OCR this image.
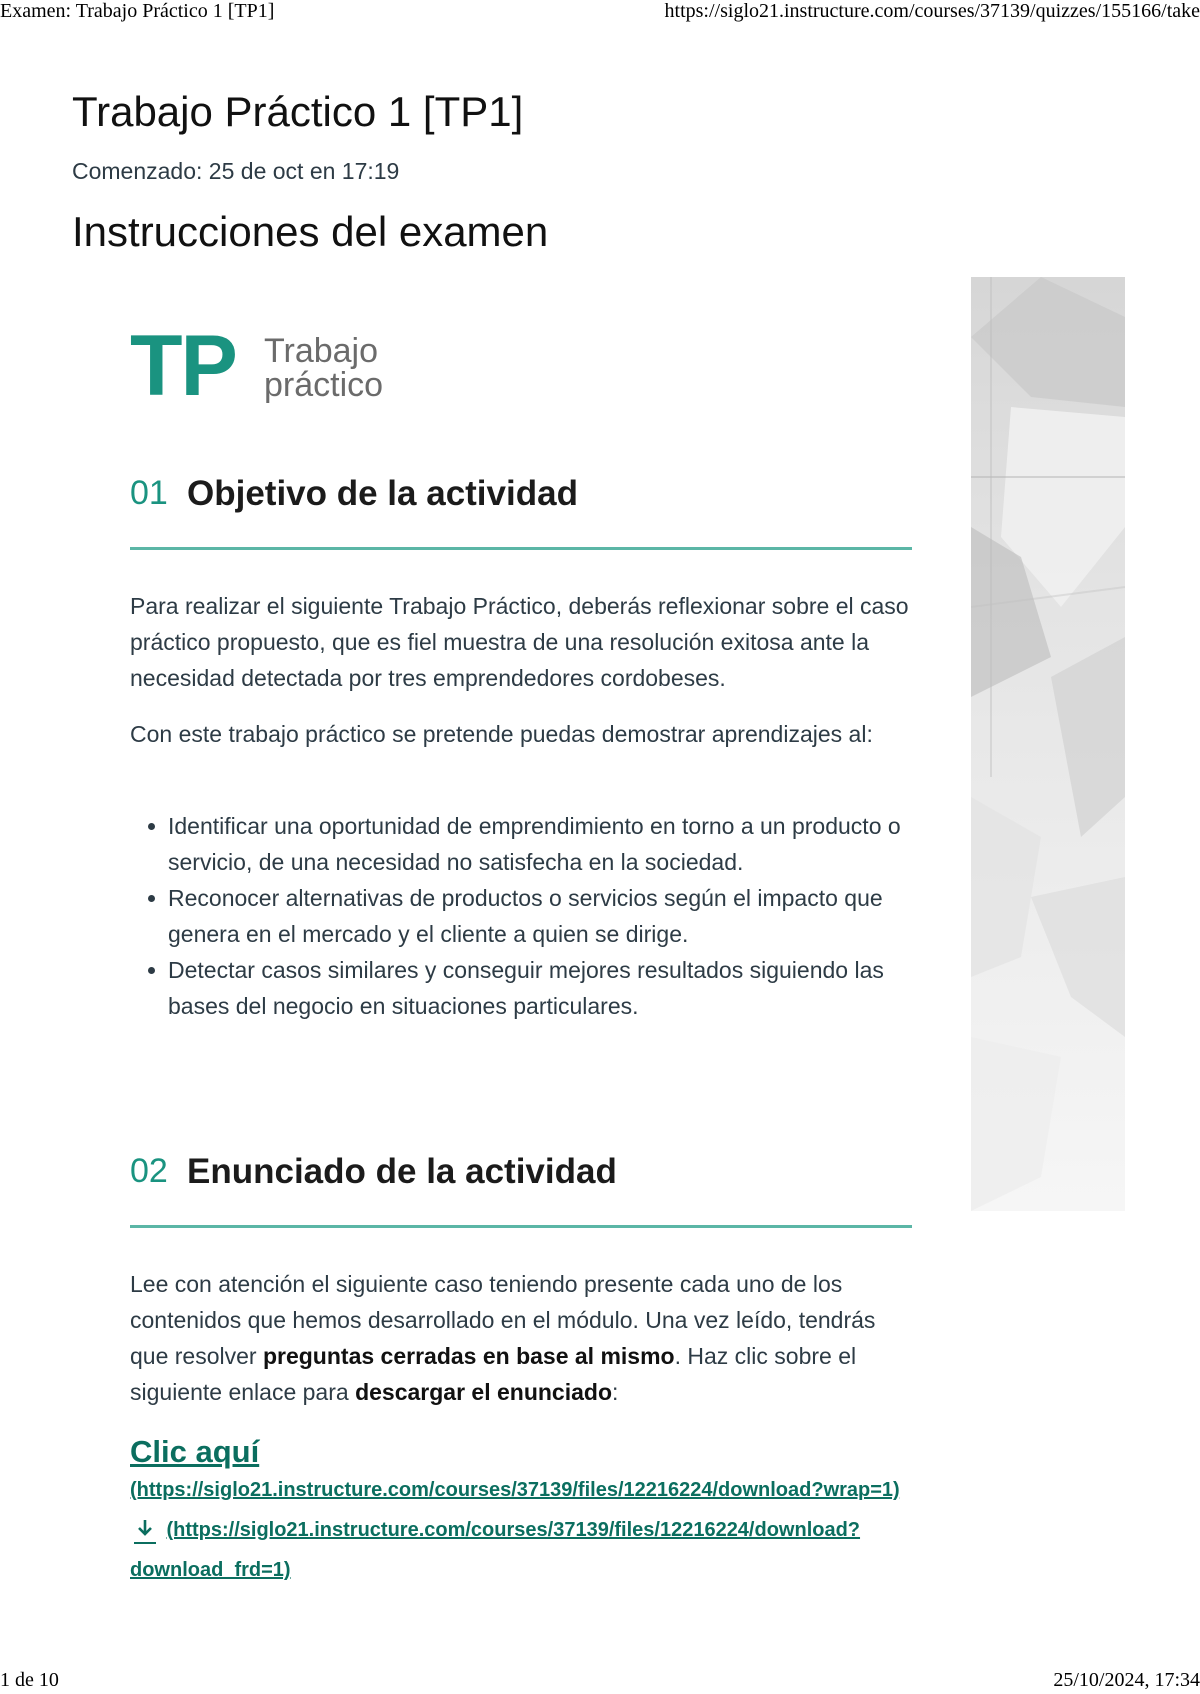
Examen: Trabajo Práctico 1 [TP1]	https://siglo21.instructure.com/courses/37139/quizzes/155166/take
Trabajo Práctico 1 [TP1]
Comenzado: 25 de oct en 17:19
Instrucciones del examen
TP Trabajo
práctico
01 Objetivo de la actividad

Para realizar el siguiente Trabajo Práctico, deberás reflexionar sobre el caso práctico propuesto, que es fiel muestra de una resolución exitosa ante la necesidad detectada por tres emprendedores cordobeses.

Con este trabajo práctico se pretende puedas demostrar aprendizajes al:

Identificar una oportunidad de emprendimiento en torno a un producto o servicio, de una necesidad no satisfecha en la sociedad.
Reconocer alternativas de productos o servicios según el impacto que genera en el mercado y el cliente a quien se dirige.
Detectar casos similares y conseguir mejores resultados siguiendo las bases del negocio en situaciones particulares.
02 Enunciado de la actividad

Lee con atención el siguiente caso teniendo presente cada uno de los contenidos que hemos desarrollado en el módulo. Una vez leído, tendrás que resolver preguntas cerradas en base al mismo. Haz clic sobre el siguiente enlace para descargar el enunciado:

Clic aquí (https://siglo21.instructure.com/courses/37139/files/12216224/download?wrap=1)  (https://siglo21.instructure.com/courses/37139/files/12216224/download?download_frd=1)
1 de 10	25/10/2024, 17:34
